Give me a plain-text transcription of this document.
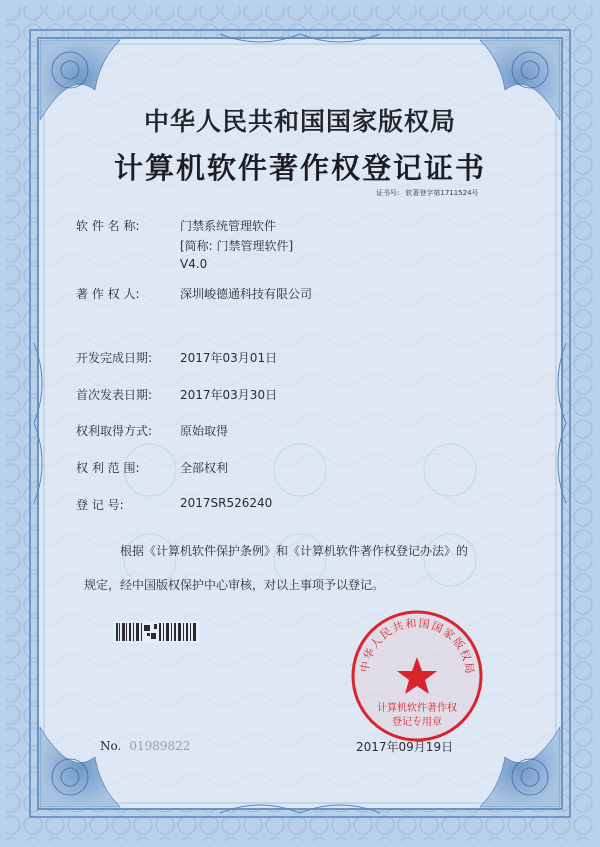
中华人民共和国国家版权局
计算机软件著作权登记证书
证书号: 软著登字第1711524号
软 件 名 称:	门禁系统管理软件
[简称: 门禁管理软件]
V4.0
著 作 权 人:	深圳峻德通科技有限公司
开发完成日期: 2017年03月01日
首次发表日期: 2017年03月30日
权利取得方式: 原始取得
权 利 范 围:	全部权利
登 记 号:	2017SR526240
根据《计算机软件保护条例》和《计算机软件著作权登记办法》的
规定，经中国版权保护中心审核，对以上事项予以登记。
No. 01989822
中华人民共和国国家版权局
计算机软件著作权
登记专用章
2017年09月19日
